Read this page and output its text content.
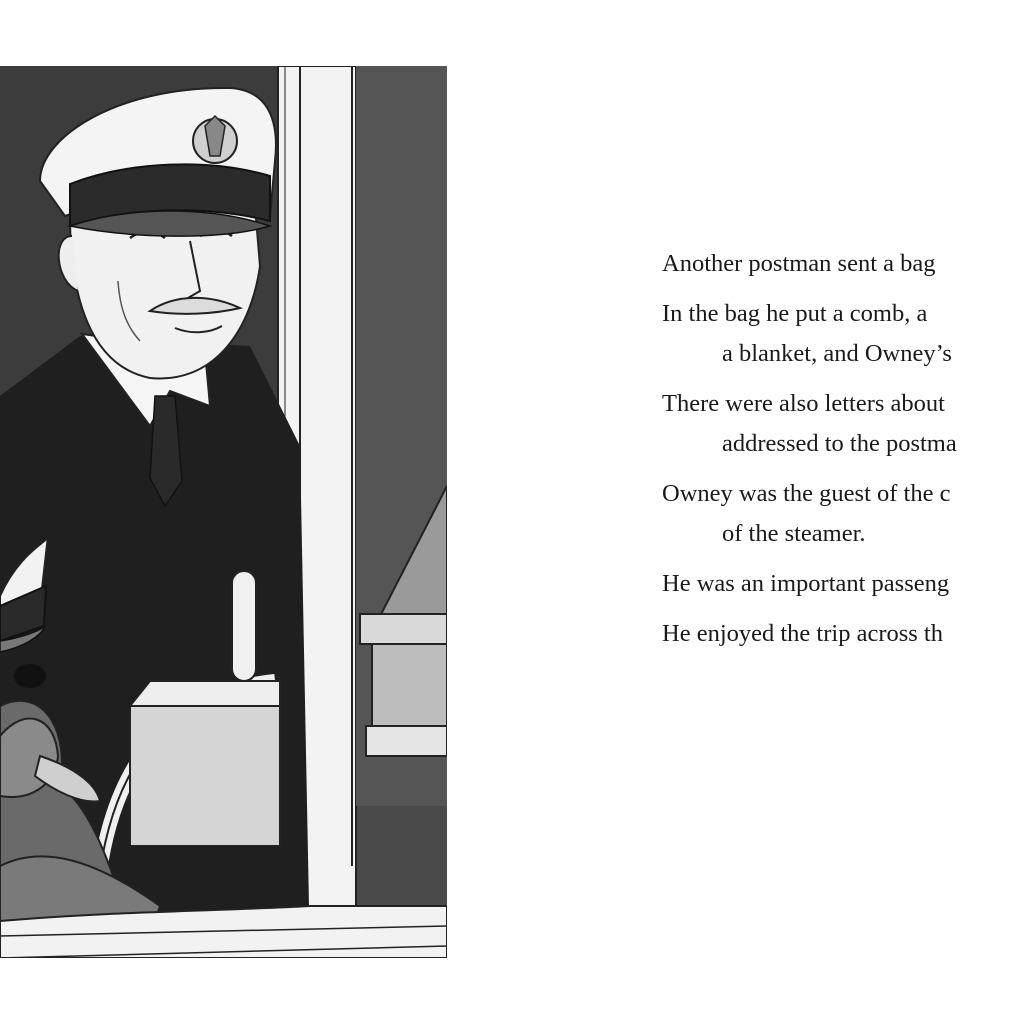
Another postman sent a bag
In the bag he put a comb, a
a blanket, and Owney’s
There were also letters about
addressed to the postma
Owney was the guest of the c
of the steamer.
He was an important passeng
He enjoyed the trip across th
